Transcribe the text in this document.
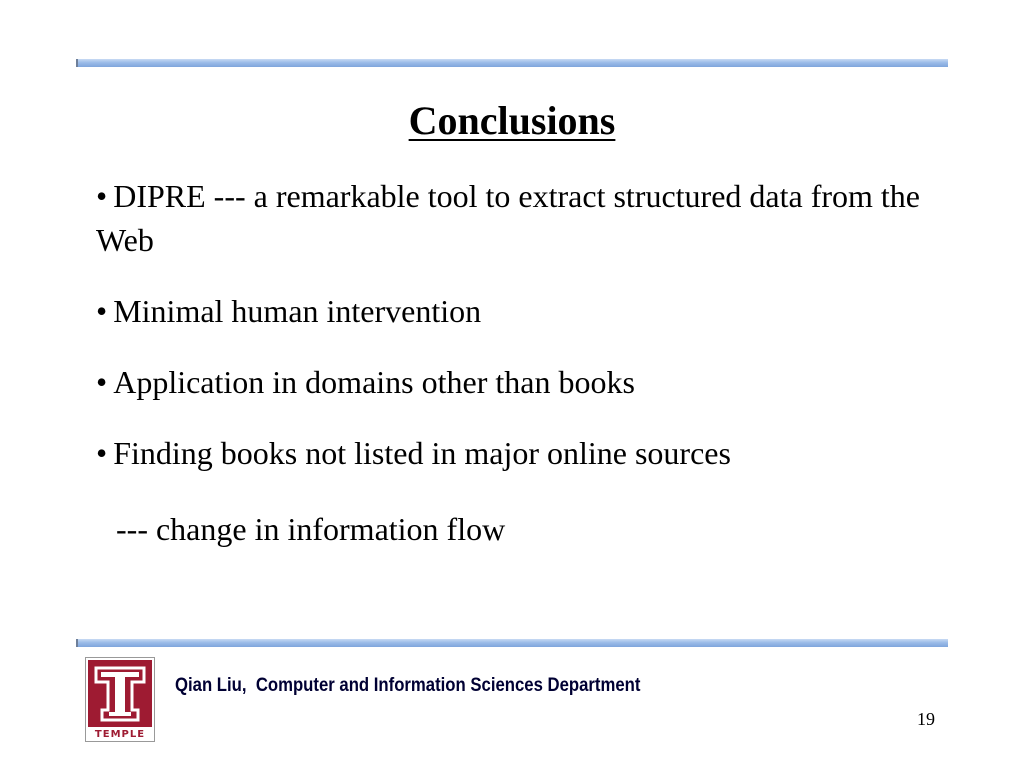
Conclusions
• DIPRE --- a remarkable tool to extract structured data from the Web
• Minimal human intervention
• Application in domains other than books
• Finding books not listed in major online sources
--- change in information flow
TEMPLE
Qian Liu,  Computer and Information Sciences Department
19
